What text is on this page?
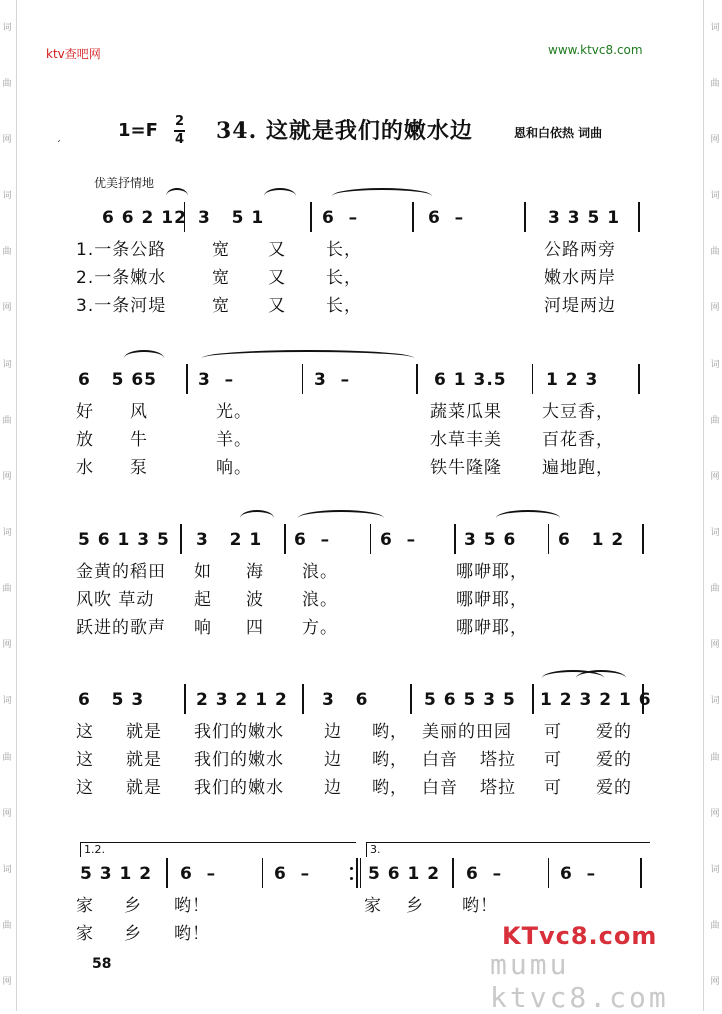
词
曲
网
词
曲
网
词
曲
网
词
曲
网
词
曲
网
词
曲
网
词
曲
网
词
曲
网
词
曲
网
词
曲
网
词
曲
网
词
曲
网
ktv查吧网	www.ktvc8.com
ˊ
1=F 2
4 34. 这就是我们的嫩水边	恩和白依热 词曲
优美抒情地
6 6 2 12 3   5 1	6  –	6  –	3 3 5 1

1.一条公路	宽 又 长，	公路两旁

2.一条嫩水	宽 又 长，	嫩水两岸

3.一条河堤	宽 又 长，	河堤两边

6   5 65 3  –	3  –	6 1 3.5 1 2 3

好 风	光。	蔬菜瓜果 大豆香，

放 牛	羊。	水草丰美 百花香，

水 泵	响。	铁牛隆隆 遍地跑，

5 6 1 3 5 3   2 1 6  –	6  –	3 5 6 6   1 2

金黄的稻田 如 海 浪。	哪咿耶，

风吹 草动 起 波 浪。	哪咿耶，

跃进的歌声 响 四 方。	哪咿耶，

6   5 3	2 3 2 1 2 3   6	5 6 5 3 5 1 2 3 2 1 6

这 就是 我们的嫩水 边 哟， 美丽的田园 可 爱的

这 就是 我们的嫩水 边 哟， 白音 塔拉 可 爱的

这 就是 我们的嫩水 边 哟， 白音 塔拉 可 爱的

1.2.	3.
5 3 1 2 6  –	6  –	5 6 1 2 6  –	6  –

家 乡 哟！	家 乡 哟！

家 乡 哟！

58
KTvc8.com
mumu ktvc8.com
